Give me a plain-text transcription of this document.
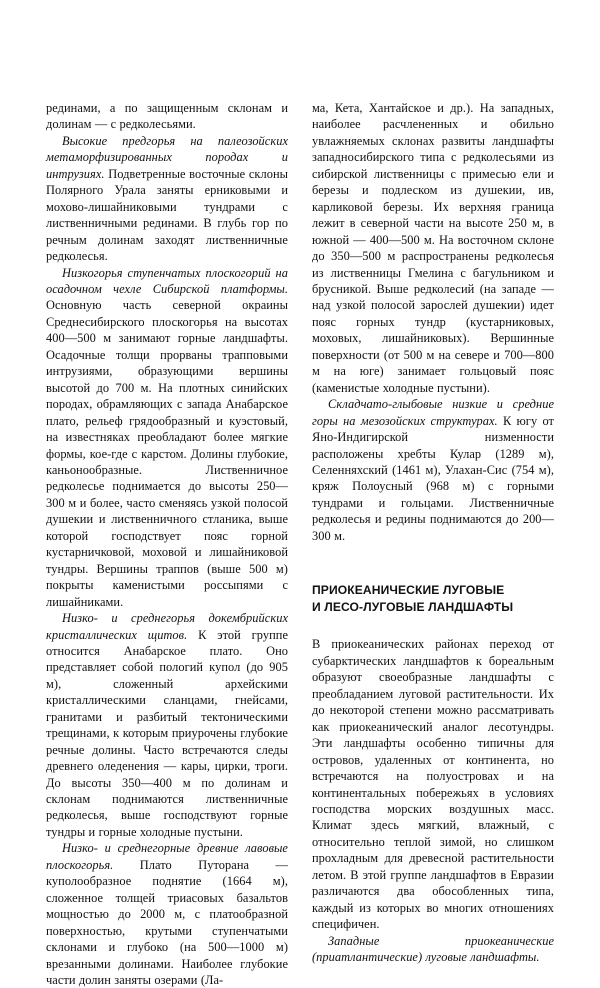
рединами, а по защищенным склонам и долинам — с редколесьями.

Высокие предгорья на палеозойских метаморфизированных породах и интрузиях. Подветренные восточные склоны Полярного Урала заняты ерниковыми и мохово-лишайниковыми тундрами с лиственничными рединами. В глубь гор по речным долинам заходят лиственничные редколесья.

Низкогорья ступенчатых плоскогорий на осадочном чехле Сибирской платформы. Основную часть северной окраины Среднесибирского плоскогорья на высотах 400—500 м занимают горные ландшафты. Осадочные толщи прорваны трапповыми интрузиями, образующими вершины высотой до 700 м. На плотных синийских породах, обрамляющих с запада Анабарское плато, рельеф грядообразный и куэстовый, на известняках преобладают более мягкие формы, кое-где с карстом. Долины глубокие, каньонообразные. Лиственничное редколесье поднимается до высоты 250—300 м и более, часто сменяясь узкой полосой душекии и лиственничного стланика, выше которой господствует пояс горной кустарничковой, моховой и лишайниковой тундры. Вершины траппов (выше 500 м) покрыты каменистыми россыпями с лишайниками.

Низко- и среднегорья докембрийских кристаллических щитов. К этой группе относится Анабарское плато. Оно представляет собой пологий купол (до 905 м), сложенный архейскими кристаллическими сланцами, гнейсами, гранитами и разбитый тектоническими трещинами, к которым приурочены глубокие речные долины. Часто встречаются следы древнего оледенения — кары, цирки, троги. До высоты 350—400 м по долинам и склонам поднимаются лиственничные редколесья, выше господствуют горные тундры и горные холодные пустыни.

Низко- и среднегорные древние лавовые плоскогорья. Плато Путорана — куполообразное поднятие (1664 м), сложенное толщей триасовых базальтов мощностью до 2000 м, с платообразной поверхностью, крутыми ступенчатыми склонами и глубоко (на 500—1000 м) врезанными долинами. Наиболее глубокие части долин заняты озерами (Ла-

ма, Кета, Хантайское и др.). На западных, наиболее расчлененных и обильно увлажняемых склонах развиты ландшафты западносибирского типа с редколесьями из сибирской лиственницы с примесью ели и березы и подлеском из душекии, ив, карликовой березы. Их верхняя граница лежит в северной части на высоте 250 м, в южной — 400—500 м. На восточном склоне до 350—500 м распространены редколесья из лиственницы Гмелина с багульником и брусникой. Выше редколесий (на западе — над узкой полосой зарослей душекии) идет пояс горных тундр (кустарниковых, моховых, лишайниковых). Вершинные поверхности (от 500 м на севере и 700—800 м на юге) занимает гольцовый пояс (каменистые холодные пустыни).

Складчато-глыбовые низкие и средние горы на мезозойских структурах. К югу от Яно-Индигирской низменности расположены хребты Кулар (1289 м), Селенняхский (1461 м), Улахан-Сис (754 м), кряж Полоусный (968 м) с горными тундрами и гольцами. Лиственничные редколесья и редины поднимаются до 200—300 м.

ПРИОКЕАНИЧЕСКИЕ ЛУГОВЫЕ
И ЛЕСО-ЛУГОВЫЕ ЛАНДШАФТЫ

В приокеанических районах переход от субарктических ландшафтов к бореальным образуют своеобразные ландшафты с преобладанием луговой растительности. Их до некоторой степени можно рассматривать как приокеанический аналог лесотундры. Эти ландшафты особенно типичны для островов, удаленных от континента, но встречаются на полуостровах и на континентальных побережьях в условиях господства морских воздушных масс. Климат здесь мягкий, влажный, с относительно теплой зимой, но слишком прохладным для древесной растительности летом. В этой группе ландшафтов в Евразии различаются два обособленных типа, каждый из которых во многих отношениях специфичен.

Западные приокеанические (приатлантические) луговые ландшафты.
